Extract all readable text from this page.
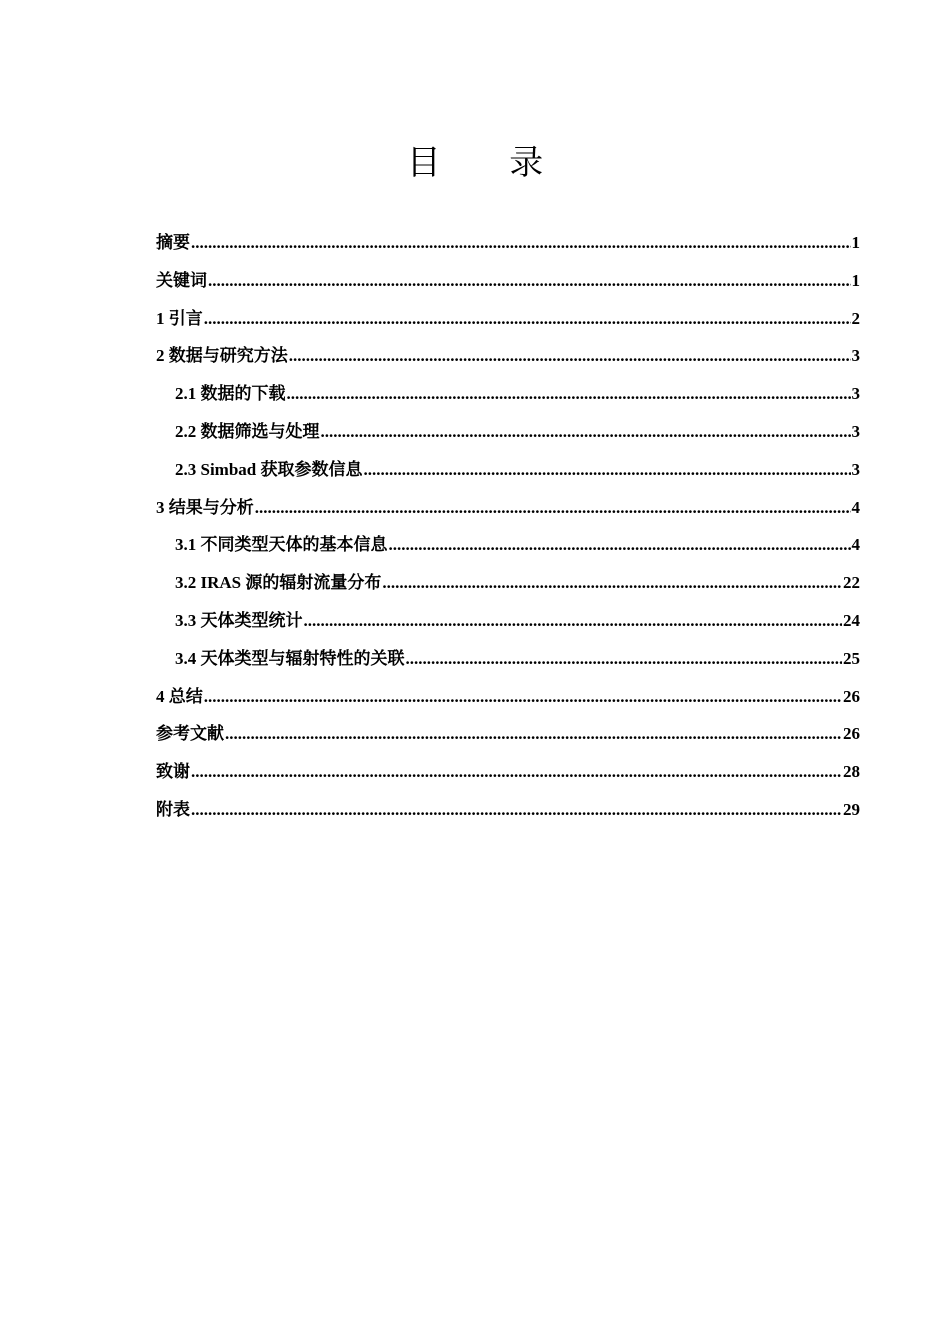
目 录
摘要 .....	1
关键词 .....	1
1 引言 .....	2
2 数据与研究方法 .....	3
2.1 数据的下载 .....	3
2.2 数据筛选与处理 .....	3
2.3 Simbad 获取参数信息 .....	3
3 结果与分析 .....	4
3.1 不同类型天体的基本信息 .....	4
3.2 IRAS 源的辐射流量分布 .....	22
3.3 天体类型统计 .....	24
3.4 天体类型与辐射特性的关联 .....	25
4 总结 .....	26
参考文献 .....	26
致谢 .....	28
附表 .....	29
